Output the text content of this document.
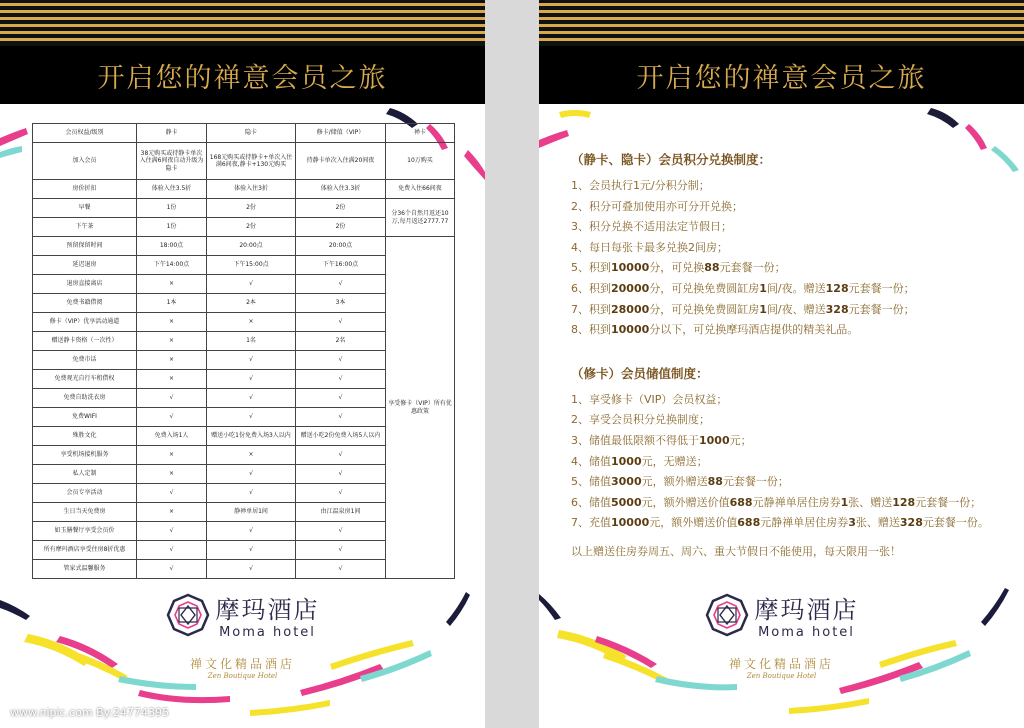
开启您的禅意会员之旅
会员权益/级别	静卡	隐卡	修卡/储值（VIP）	禅卡
加入会员	38元购买或持静卡单次入住满6间夜自动升级为隐卡	168元购买或持静卡+单次入住满6间夜,静卡+130元购买	持静卡单次入住满20间夜	10万购买
房价折扣	体验入住3.5折	体验入住3折	体验入住3.3折	免费入住66间夜
早餐	1份	2份	2份	分36个自然月返还10万,每月返还2777.77
下午茶	1份	2份	2份	
预留保留时间	18:00点	20:00点	20:00点	享受修卡（VIP）所有优惠政策
延迟退房	下午14:00点	下午15:00点	下午16:00点	
退房直接离店	×	√	√	
免费书籍借阅	1本	2本	3本	
修卡（VIP）优享活动通道	×	×	√	
赠送静卡资格（一次性）	×	1名	2名	
免费市话	×	√	√	
免费观光自行车租借权	×	√	√	
免费自助洗衣房	√	√	√	
免费WIFI	√	√	√	
殊胜文化	免费入场1人	赠送小吃1份免费入场3人以内	赠送小吃2份免费入场5人以内	
享受机场接机服务	×	×	√	
私人定制	×	√	√	
会员专享活动	√	√	√	
生日当天免费房	×	静禅单居1间	由江温泉房1间	
如玉膳餐厅享受会员价	√	√	√	
所有摩玛酒店享受住房8折优惠	√	√	√	
管家式温馨服务	√	√	√	
摩玛酒店
Moma hotel
禅文化精品酒店
Zen Boutique Hotel
www.nipic.com By:24774395
开启您的禅意会员之旅
（静卡、隐卡）会员积分兑换制度：
1、会员执行1元/分积分制；
2、积分可叠加使用亦可分开兑换；
3、积分兑换不适用法定节假日；
4、每日每张卡最多兑换2间房；
5、积到10000分，可兑换88元套餐一份；
6、积到20000分，可兑换免费圆缸房1间/夜。赠送128元套餐一份；
7、积到28000分，可兑换免费圆缸房1间/夜、赠送328元套餐一份；
8、积到10000分以下，可兑换摩玛酒店提供的精美礼品。
（修卡）会员储值制度：
1、享受修卡（VIP）会员权益；
2、享受会员积分兑换制度；
3、储值最低限额不得低于1000元；
4、储值1000元，无赠送；
5、储值3000元，额外赠送88元套餐一份；
6、储值5000元，额外赠送价值688元静禅单居住房券1张、赠送128元套餐一份；
7、充值10000元，额外赠送价值688元静禅单居住房券3张、赠送328元套餐一份。
以上赠送住房券周五、周六、重大节假日不能使用，每天限用一张！
摩玛酒店
Moma hotel
禅文化精品酒店
Zen Boutique Hotel
